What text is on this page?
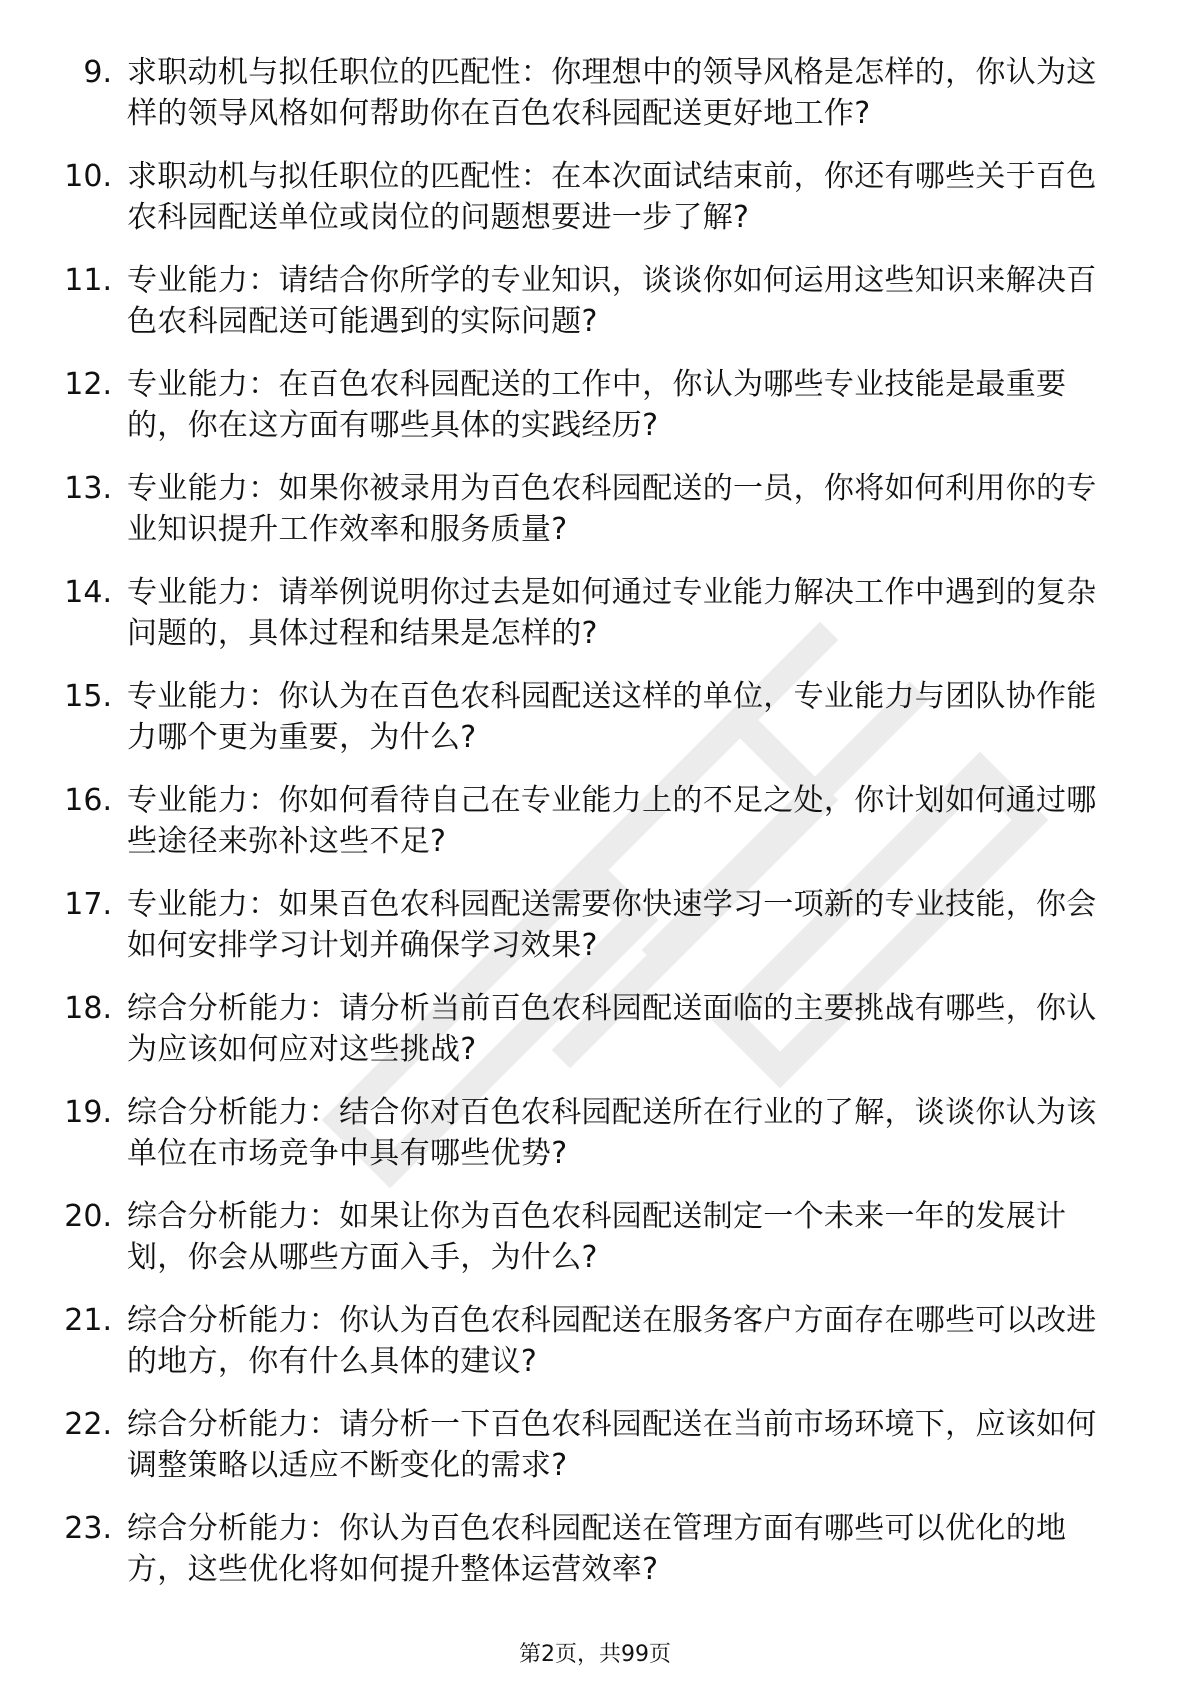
9. 求职动机与拟任职位的匹配性：你理想中的领导风格是怎样的，你认为这样的领导风格如何帮助你在百色农科园配送更好地工作?
10. 求职动机与拟任职位的匹配性：在本次面试结束前，你还有哪些关于百色农科园配送单位或岗位的问题想要进一步了解?
11. 专业能力：请结合你所学的专业知识，谈谈你如何运用这些知识来解决百色农科园配送可能遇到的实际问题?
12. 专业能力：在百色农科园配送的工作中，你认为哪些专业技能是最重要的，你在这方面有哪些具体的实践经历?
13. 专业能力：如果你被录用为百色农科园配送的一员，你将如何利用你的专业知识提升工作效率和服务质量?
14. 专业能力：请举例说明你过去是如何通过专业能力解决工作中遇到的复杂问题的，具体过程和结果是怎样的?
15. 专业能力：你认为在百色农科园配送这样的单位，专业能力与团队协作能力哪个更为重要，为什么?
16. 专业能力：你如何看待自己在专业能力上的不足之处，你计划如何通过哪些途径来弥补这些不足?
17. 专业能力：如果百色农科园配送需要你快速学习一项新的专业技能，你会如何安排学习计划并确保学习效果?
18. 综合分析能力：请分析当前百色农科园配送面临的主要挑战有哪些，你认为应该如何应对这些挑战?
19. 综合分析能力：结合你对百色农科园配送所在行业的了解，谈谈你认为该单位在市场竞争中具有哪些优势?
20. 综合分析能力：如果让你为百色农科园配送制定一个未来一年的发展计划，你会从哪些方面入手，为什么?
21. 综合分析能力：你认为百色农科园配送在服务客户方面存在哪些可以改进的地方，你有什么具体的建议?
22. 综合分析能力：请分析一下百色农科园配送在当前市场环境下，应该如何调整策略以适应不断变化的需求?
23. 综合分析能力：你认为百色农科园配送在管理方面有哪些可以优化的地方，这些优化将如何提升整体运营效率?
第2页，共99页
